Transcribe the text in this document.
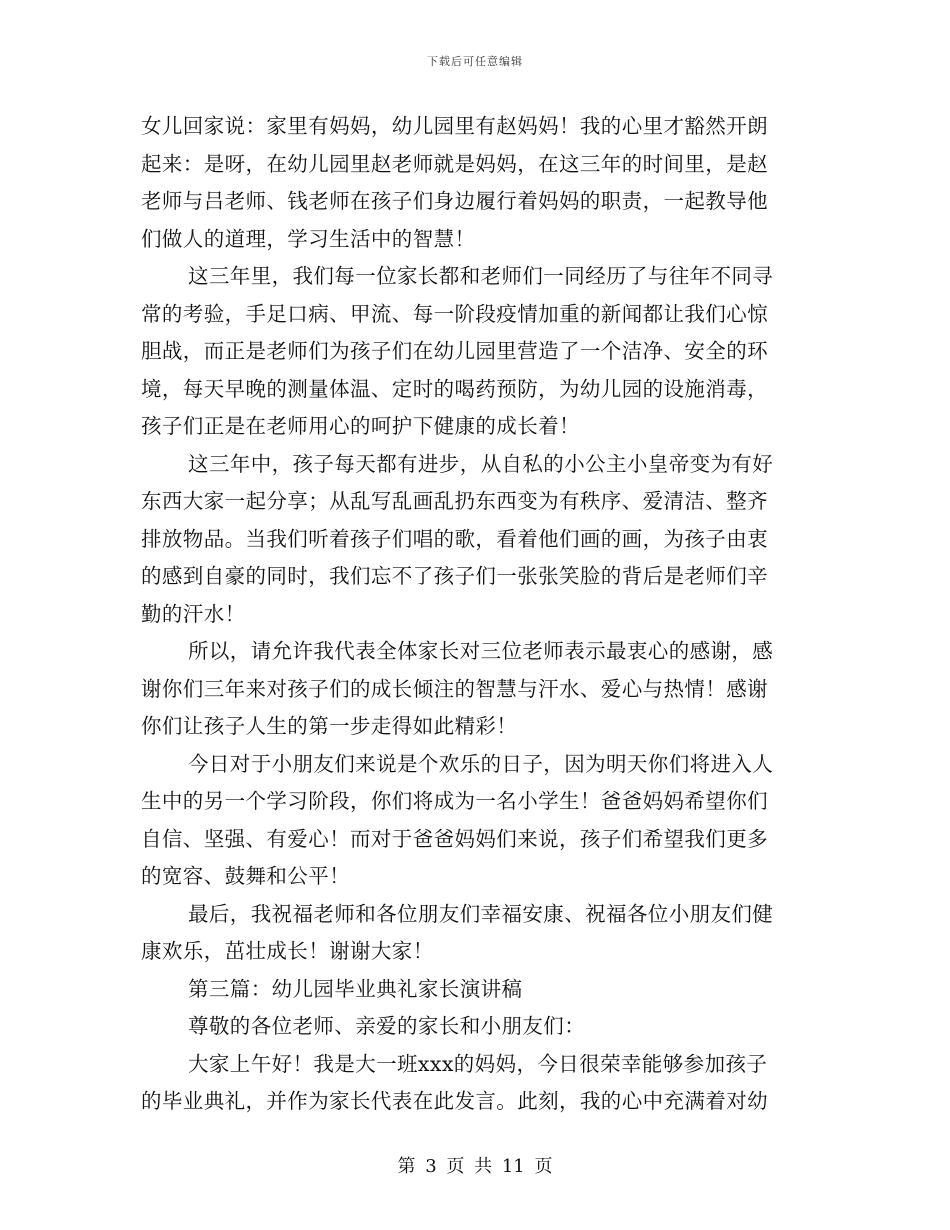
下载后可任意编辑
女儿回家说：家里有妈妈，幼儿园里有赵妈妈！我的心里才豁然开朗
起来：是呀，在幼儿园里赵老师就是妈妈，在这三年的时间里，是赵
老师与吕老师、钱老师在孩子们身边履行着妈妈的职责，一起教导他
们做人的道理，学习生活中的智慧！
这三年里，我们每一位家长都和老师们一同经历了与往年不同寻
常的考验，手足口病、甲流、每一阶段疫情加重的新闻都让我们心惊
胆战，而正是老师们为孩子们在幼儿园里营造了一个洁净、安全的环
境，每天早晚的测量体温、定时的喝药预防，为幼儿园的设施消毒，
孩子们正是在老师用心的呵护下健康的成长着！
这三年中，孩子每天都有进步，从自私的小公主小皇帝变为有好
东西大家一起分享；从乱写乱画乱扔东西变为有秩序、爱清洁、整齐
排放物品。当我们听着孩子们唱的歌，看着他们画的画，为孩子由衷
的感到自豪的同时，我们忘不了孩子们一张张笑脸的背后是老师们辛
勤的汗水！
所以，请允许我代表全体家长对三位老师表示最衷心的感谢，感
谢你们三年来对孩子们的成长倾注的智慧与汗水、爱心与热情！感谢
你们让孩子人生的第一步走得如此精彩！
今日对于小朋友们来说是个欢乐的日子，因为明天你们将进入人
生中的另一个学习阶段，你们将成为一名小学生！爸爸妈妈希望你们
自信、坚强、有爱心！而对于爸爸妈妈们来说，孩子们希望我们更多
的宽容、鼓舞和公平！
最后，我祝福老师和各位朋友们幸福安康、祝福各位小朋友们健
康欢乐，茁壮成长！谢谢大家！
第三篇：幼儿园毕业典礼家长演讲稿
尊敬的各位老师、亲爱的家长和小朋友们：
大家上午好！我是大一班xxx的妈妈，今日很荣幸能够参加孩子
的毕业典礼，并作为家长代表在此发言。此刻，我的心中充满着对幼
第 3 页 共 11 页
